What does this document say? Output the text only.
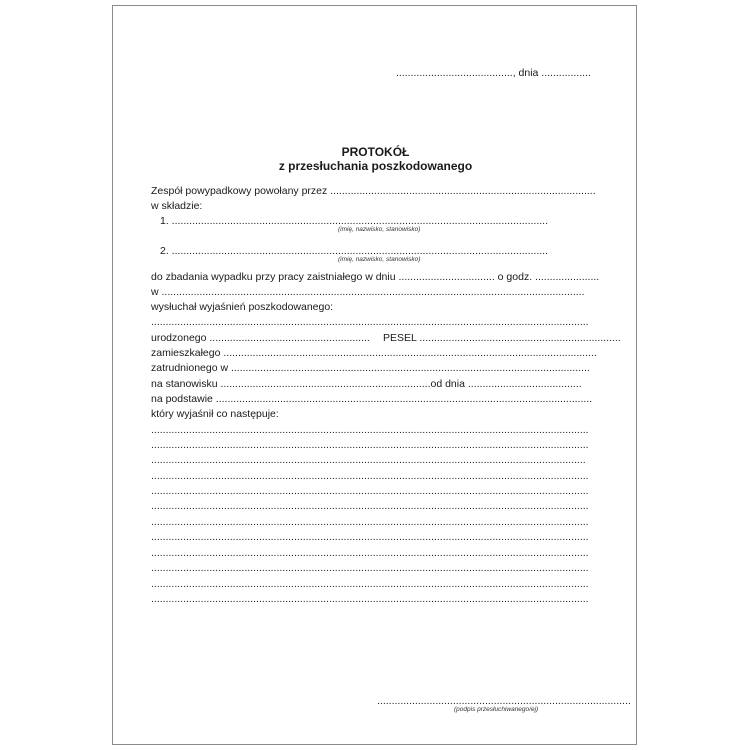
........................................, dnia .................
PROTOKÓŁ
z przesłuchania poszkodowanego
Zespół powypadkowy powołany przez ...........................................................................................
w składzie:
1. .................................................................................................................................
(imię, nazwisko, stanowisko)
2. .................................................................................................................................
(imię, nazwisko, stanowisko)
do zbadania wypadku przy pracy zaistniałego w dniu ................................. o godz. ......................
w .................................................................................................................................................
wysłuchał wyjaśnień poszkodowanego:
......................................................................................................................................................
urodzonego .......................................................	PESEL .....................................................................
zamieszkałego ................................................................................................................................
zatrudnionego w ...........................................................................................................................
na stanowisku ........................................................................od dnia .......................................
na podstawie .................................................................................................................................
który wyjaśnił co następuje:
......................................................................................................................................................
......................................................................................................................................................
.....................................................................................................................................................
......................................................................................................................................................
......................................................................................................................................................
......................................................................................................................................................
......................................................................................................................................................
......................................................................................................................................................
......................................................................................................................................................
......................................................................................................................................................
......................................................................................................................................................
......................................................................................................................................................
.......................................................................................
(podpis przesłuchiwanego/ej)
